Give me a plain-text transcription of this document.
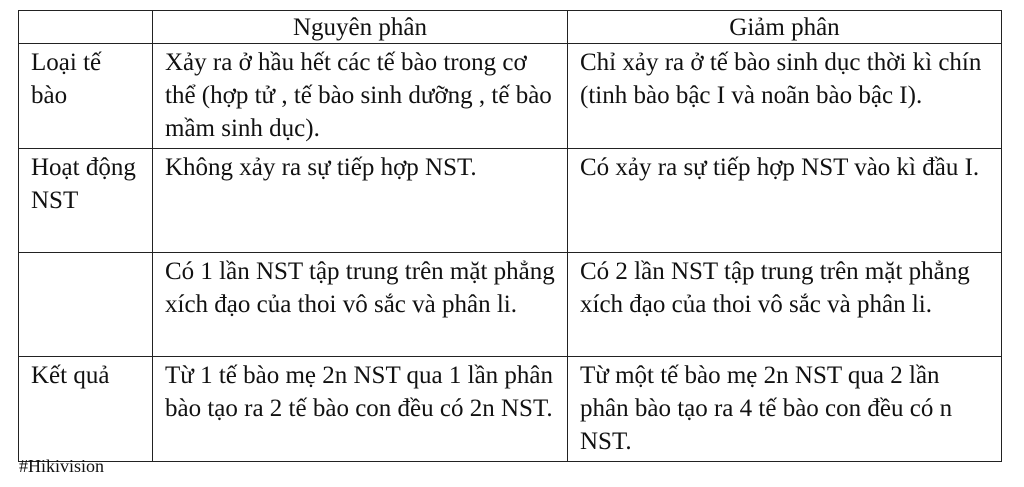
	Nguyên phân	Giảm phân
Loại tế bào	Xảy ra ở hầu hết các tế bào trong cơ thể (hợp tử , tế bào sinh dưỡng , tế bào mầm sinh dục).	Chỉ xảy ra ở tế bào sinh dục thời kì chín (tinh bào bậc I và noãn bào bậc I).
Hoạt động NST	Không xảy ra sự tiếp hợp NST.	Có xảy ra sự tiếp hợp NST vào kì đầu I.
	Có 1 lần NST tập trung trên mặt phẳng xích đạo của thoi vô sắc và phân li.	Có 2 lần NST tập trung trên mặt phẳng xích đạo của thoi vô sắc và phân li.
Kết quả	Từ 1 tế bào mẹ 2n NST qua 1 lần phân bào tạo ra 2 tế bào con đều có 2n NST.	Từ một tế bào mẹ 2n NST qua 2 lần phân bào tạo ra 4 tế bào con đều có n NST.
#Hikivision
